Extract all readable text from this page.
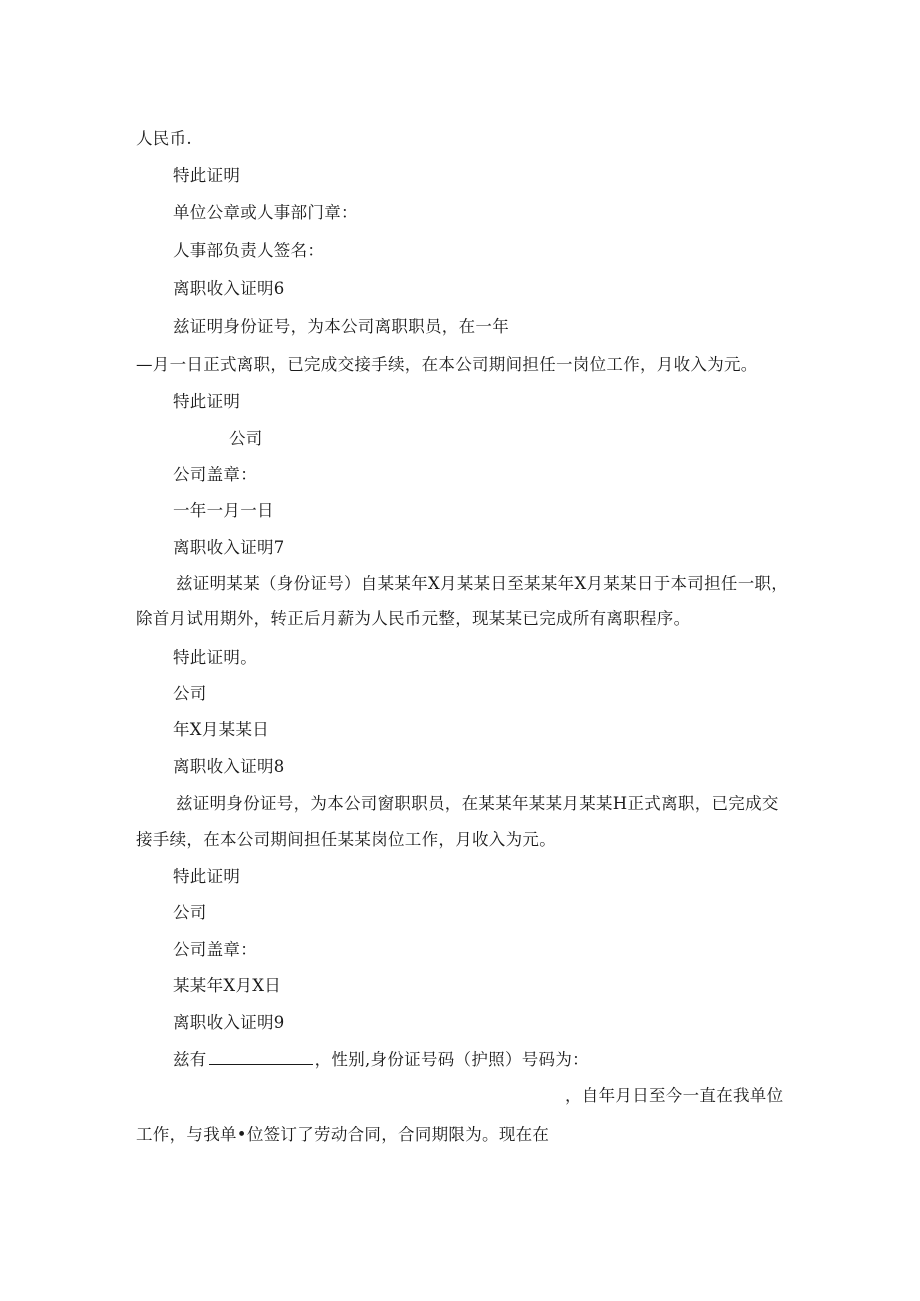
人民币.
特此证明
单位公章或人事部门章：
人事部负责人签名：
离职收入证明6
兹证明身份证号，为本公司离职职员，在一年
—月一日正式离职，已完成交接手续，在本公司期间担任一岗位工作，月收入为元。
特此证明
公司
公司盖章：
一年一月一日
离职收入证明7
兹证明某某（身份证号）自某某年X月某某日至某某年X月某某日于本司担任一职，
除首月试用期外，转正后月薪为人民币元整，现某某已完成所有离职程序。
特此证明。
公司
年X月某某日
离职收入证明8
兹证明身份证号，为本公司窗职职员，在某某年某某月某某H正式离职，已完成交
接手续，在本公司期间担任某某岗位工作，月收入为元。
特此证明
公司
公司盖章：
某某年X月X日
离职收入证明9
兹有	，性别,身份证号码（护照）号码为：
，自年月日至今一直在我单位
工作，与我单•位签订了劳动合同，合同期限为。现在在
